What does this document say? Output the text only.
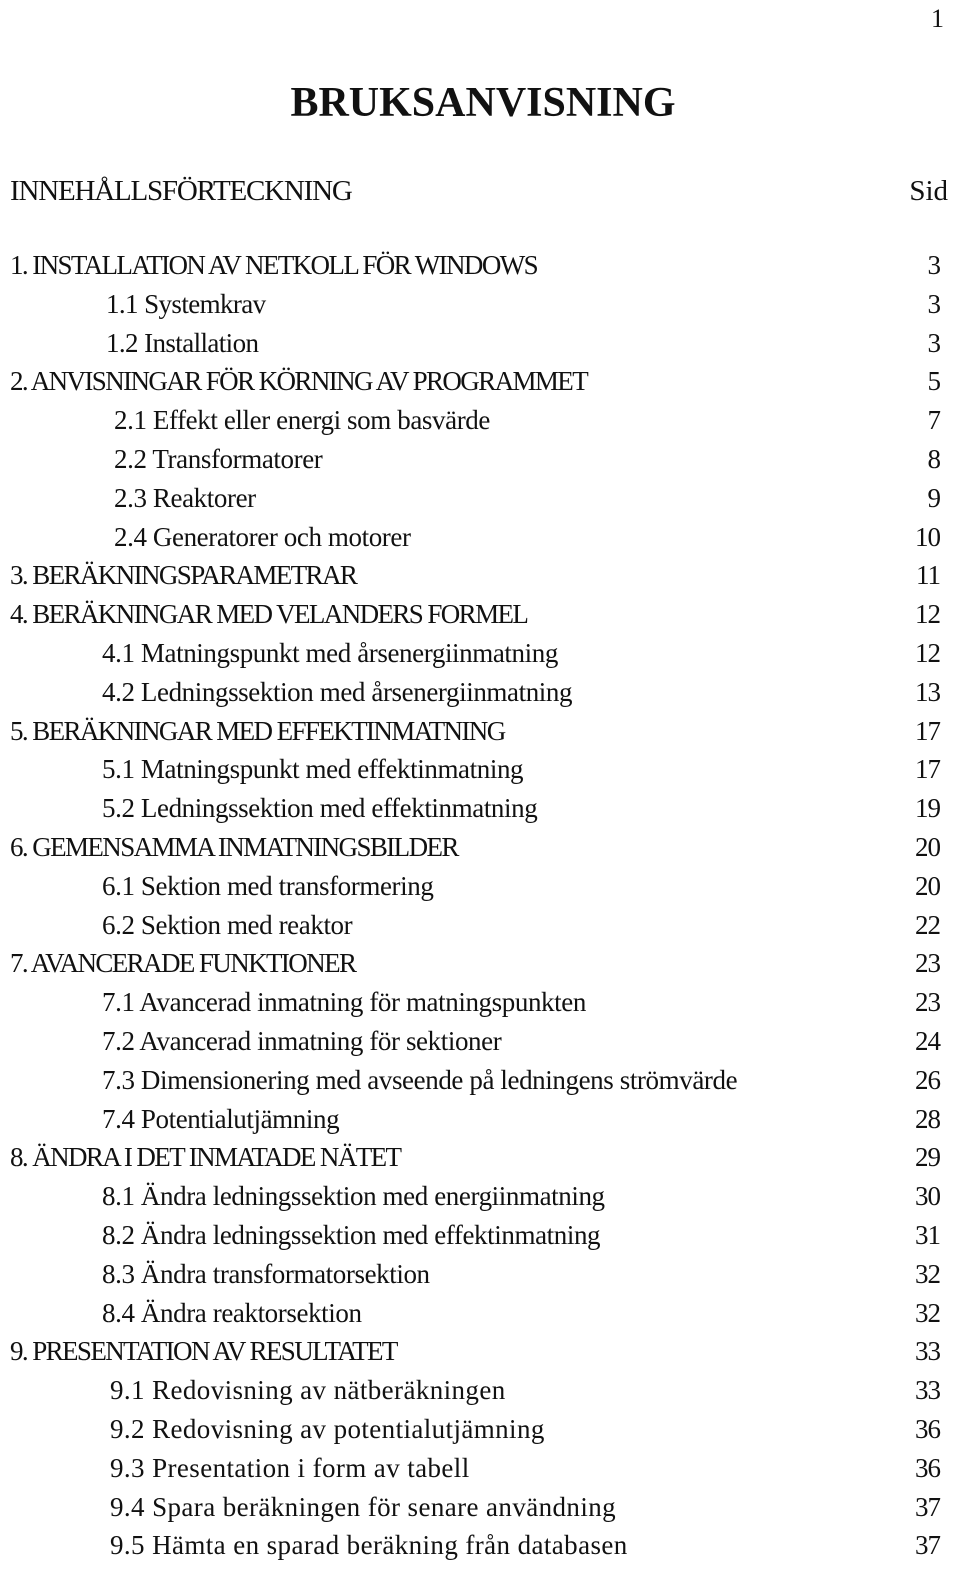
1
BRUKSANVISNING
INNEHÅLLSFÖRTECKNING	Sid
1. INSTALLATION AV NETKOLL FÖR WINDOWS	3
1.1 Systemkrav	3
1.2 Installation	3
2. ANVISNINGAR FÖR KÖRNING AV PROGRAMMET	5
2.1 Effekt eller energi som basvärde	7
2.2 Transformatorer	8
2.3 Reaktorer	9
2.4 Generatorer och motorer	10
3. BERÄKNINGSPARAMETRAR	11
4. BERÄKNINGAR MED VELANDERS FORMEL	12
4.1 Matningspunkt med årsenergiinmatning	12
4.2 Ledningssektion med årsenergiinmatning	13
5. BERÄKNINGAR MED EFFEKTINMATNING	17
5.1 Matningspunkt med effektinmatning	17
5.2 Ledningssektion med effektinmatning	19
6. GEMENSAMMA INMATNINGSBILDER	20
6.1 Sektion med transformering	20
6.2 Sektion med reaktor	22
7. AVANCERADE FUNKTIONER	23
7.1 Avancerad inmatning för matningspunkten	23
7.2 Avancerad inmatning för sektioner	24
7.3 Dimensionering med avseende på ledningens strömvärde	26
7.4 Potentialutjämning	28
8. ÄNDRA I DET INMATADE NÄTET	29
8.1 Ändra ledningssektion med energiinmatning	30
8.2 Ändra ledningssektion med effektinmatning	31
8.3 Ändra transformatorsektion	32
8.4 Ändra reaktorsektion	32
9. PRESENTATION AV RESULTATET	33
9.1 Redovisning av nätberäkningen	33
9.2 Redovisning av potentialutjämning	36
9.3 Presentation i form av tabell	36
9.4 Spara beräkningen för senare användning	37
9.5 Hämta en sparad beräkning från databasen	37
